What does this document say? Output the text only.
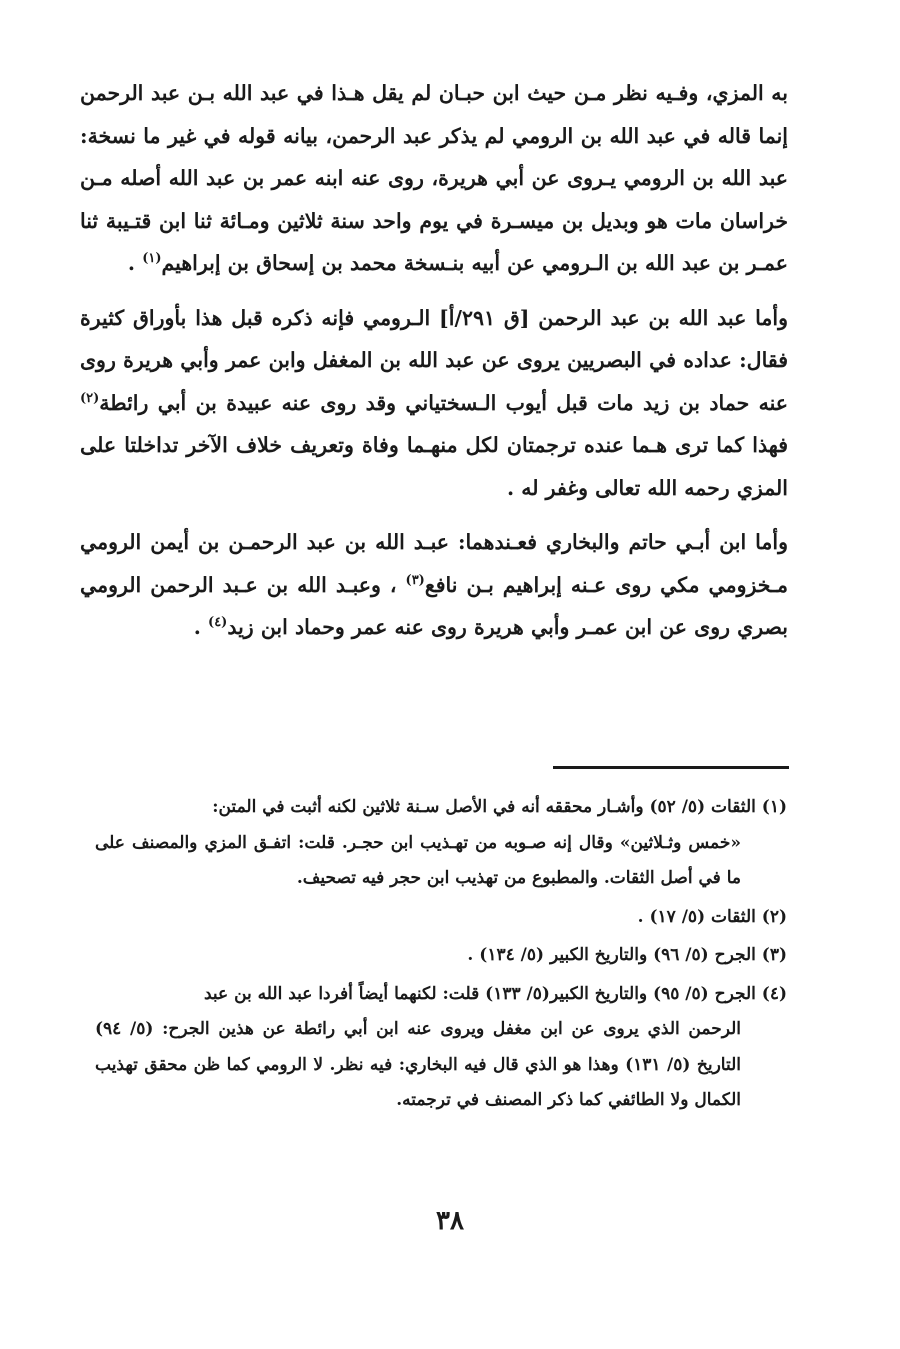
به المزي، وفـيه نظر مـن حيث ابن حبـان لم يقل هـذا في عبد الله بـن عبد الرحمن إنما قاله في عبد الله بن الرومي لم يذكر عبد الرحمن، بيانه قوله في غير ما نسخة: عبد الله بن الرومي يـروى عن أبي هريرة، روى عنه ابنه عمر بن عبد الله أصله مـن خراسان مات هو وبديل بن ميسـرة في يوم واحد سنة ثلاثين ومـائة ثنا ابن قتـيبة ثنا عمـر بن عبد الله بن الـرومي عن أبيه بنـسخة محمد بن إسحاق بن إبراهيم$^{(١)}$ .

وأما عبد الله بن عبد الرحمن [ق ٢٩١/أ] الـرومي فإنه ذكره قبل هذا بأوراق كثيرة فقال: عداده في البصريين يروى عن عبد الله بن المغفل وابن عمر وأبي هريرة روى عنه حماد بن زيد مات قبل أيوب الـسختياني وقد روى عنه عبيدة بن أبي رائطة$^{(٢)}$ فهذا كما ترى هـما عنده ترجمتان لكل منهـما وفاة وتعريف خلاف الآخر تداخلتا على المزي رحمه الله تعالى وغفر له .

وأما ابن أبـي حاتم والبخاري فعـندهما: عبـد الله بن عبد الرحمـن بن أيمن الرومي مـخزومي مكي روى عـنه إبراهيم بـن نافع$^{(٣)}$ ، وعبـد الله بن عـبد الرحمن الرومي بصري روى عن ابن عمـر وأبي هريرة روى عنه عمر وحماد ابن زيد$^{(٤)}$ .

(١) الثقات (٥/ ٥٢) وأشـار محققه أنه في الأصل سـنة ثلاثين لكنه أثبت في المتن:
«خمس وثـلاثين» وقال إنه صـوبه من تهـذيب ابن حجـر. قلت: اتفـق المزي والمصنف على ما في أصل الثقات. والمطبوع من تهذيب ابن حجر فيه تصحيف.
(٢) الثقات (٥/ ١٧) .
(٣) الجرح (٥/ ٩٦) والتاريخ الكبير (٥/ ١٣٤) .
(٤) الجرح (٥/ ٩٥) والتاريخ الكبير(٥/ ١٣٣) قلت: لكنهما أيضاً أفردا عبد الله بن عبد
الرحمن الذي يروى عن ابن مغفل ويروى عنه ابن أبي رائطة عن هذين الجرح: (٥/ ٩٤) التاريخ (٥/ ١٣١) وهذا هو الذي قال فيه البخاري: فيه نظر. لا الرومي كما ظن محقق تهذيب الكمال ولا الطائفي كما ذكر المصنف في ترجمته.
٣٨
